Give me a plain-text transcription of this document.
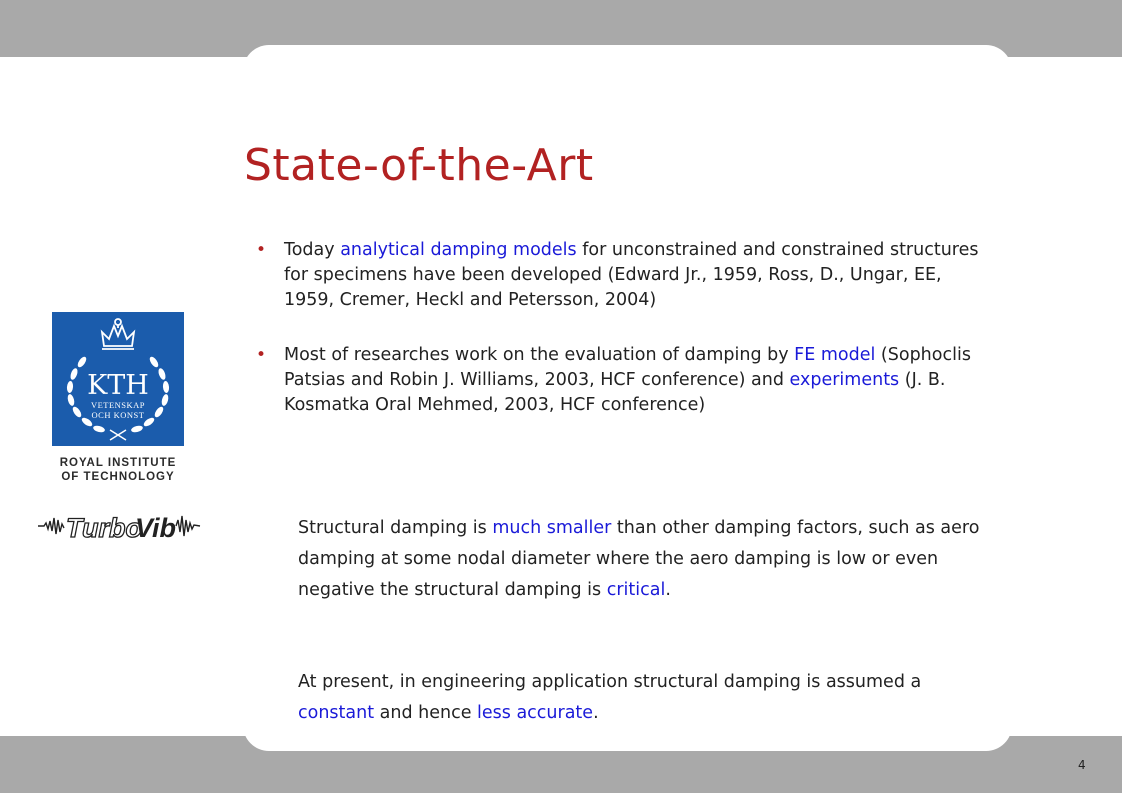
KTH
VETENSKAP
OCH KONST

ROYAL INSTITUTE
OF TECHNOLOGY

Turbo
Vib
State-of-the-Art
• Today analytical damping models for unconstrained and constrained structures for specimens have been developed (Edward Jr., 1959, Ross, D., Ungar, EE, 1959, Cremer, Heckl and Petersson, 2004)
• Most of researches work on the evaluation of damping by FE model (Sophoclis Patsias and Robin J. Williams, 2003, HCF conference) and experiments (J. B. Kosmatka Oral Mehmed, 2003, HCF conference)

Structural damping is much smaller than other damping factors, such as aero damping at some nodal diameter where the aero damping is low or even negative the structural damping is critical.

At present, in engineering application structural damping is assumed a constant and hence less accurate.

4
